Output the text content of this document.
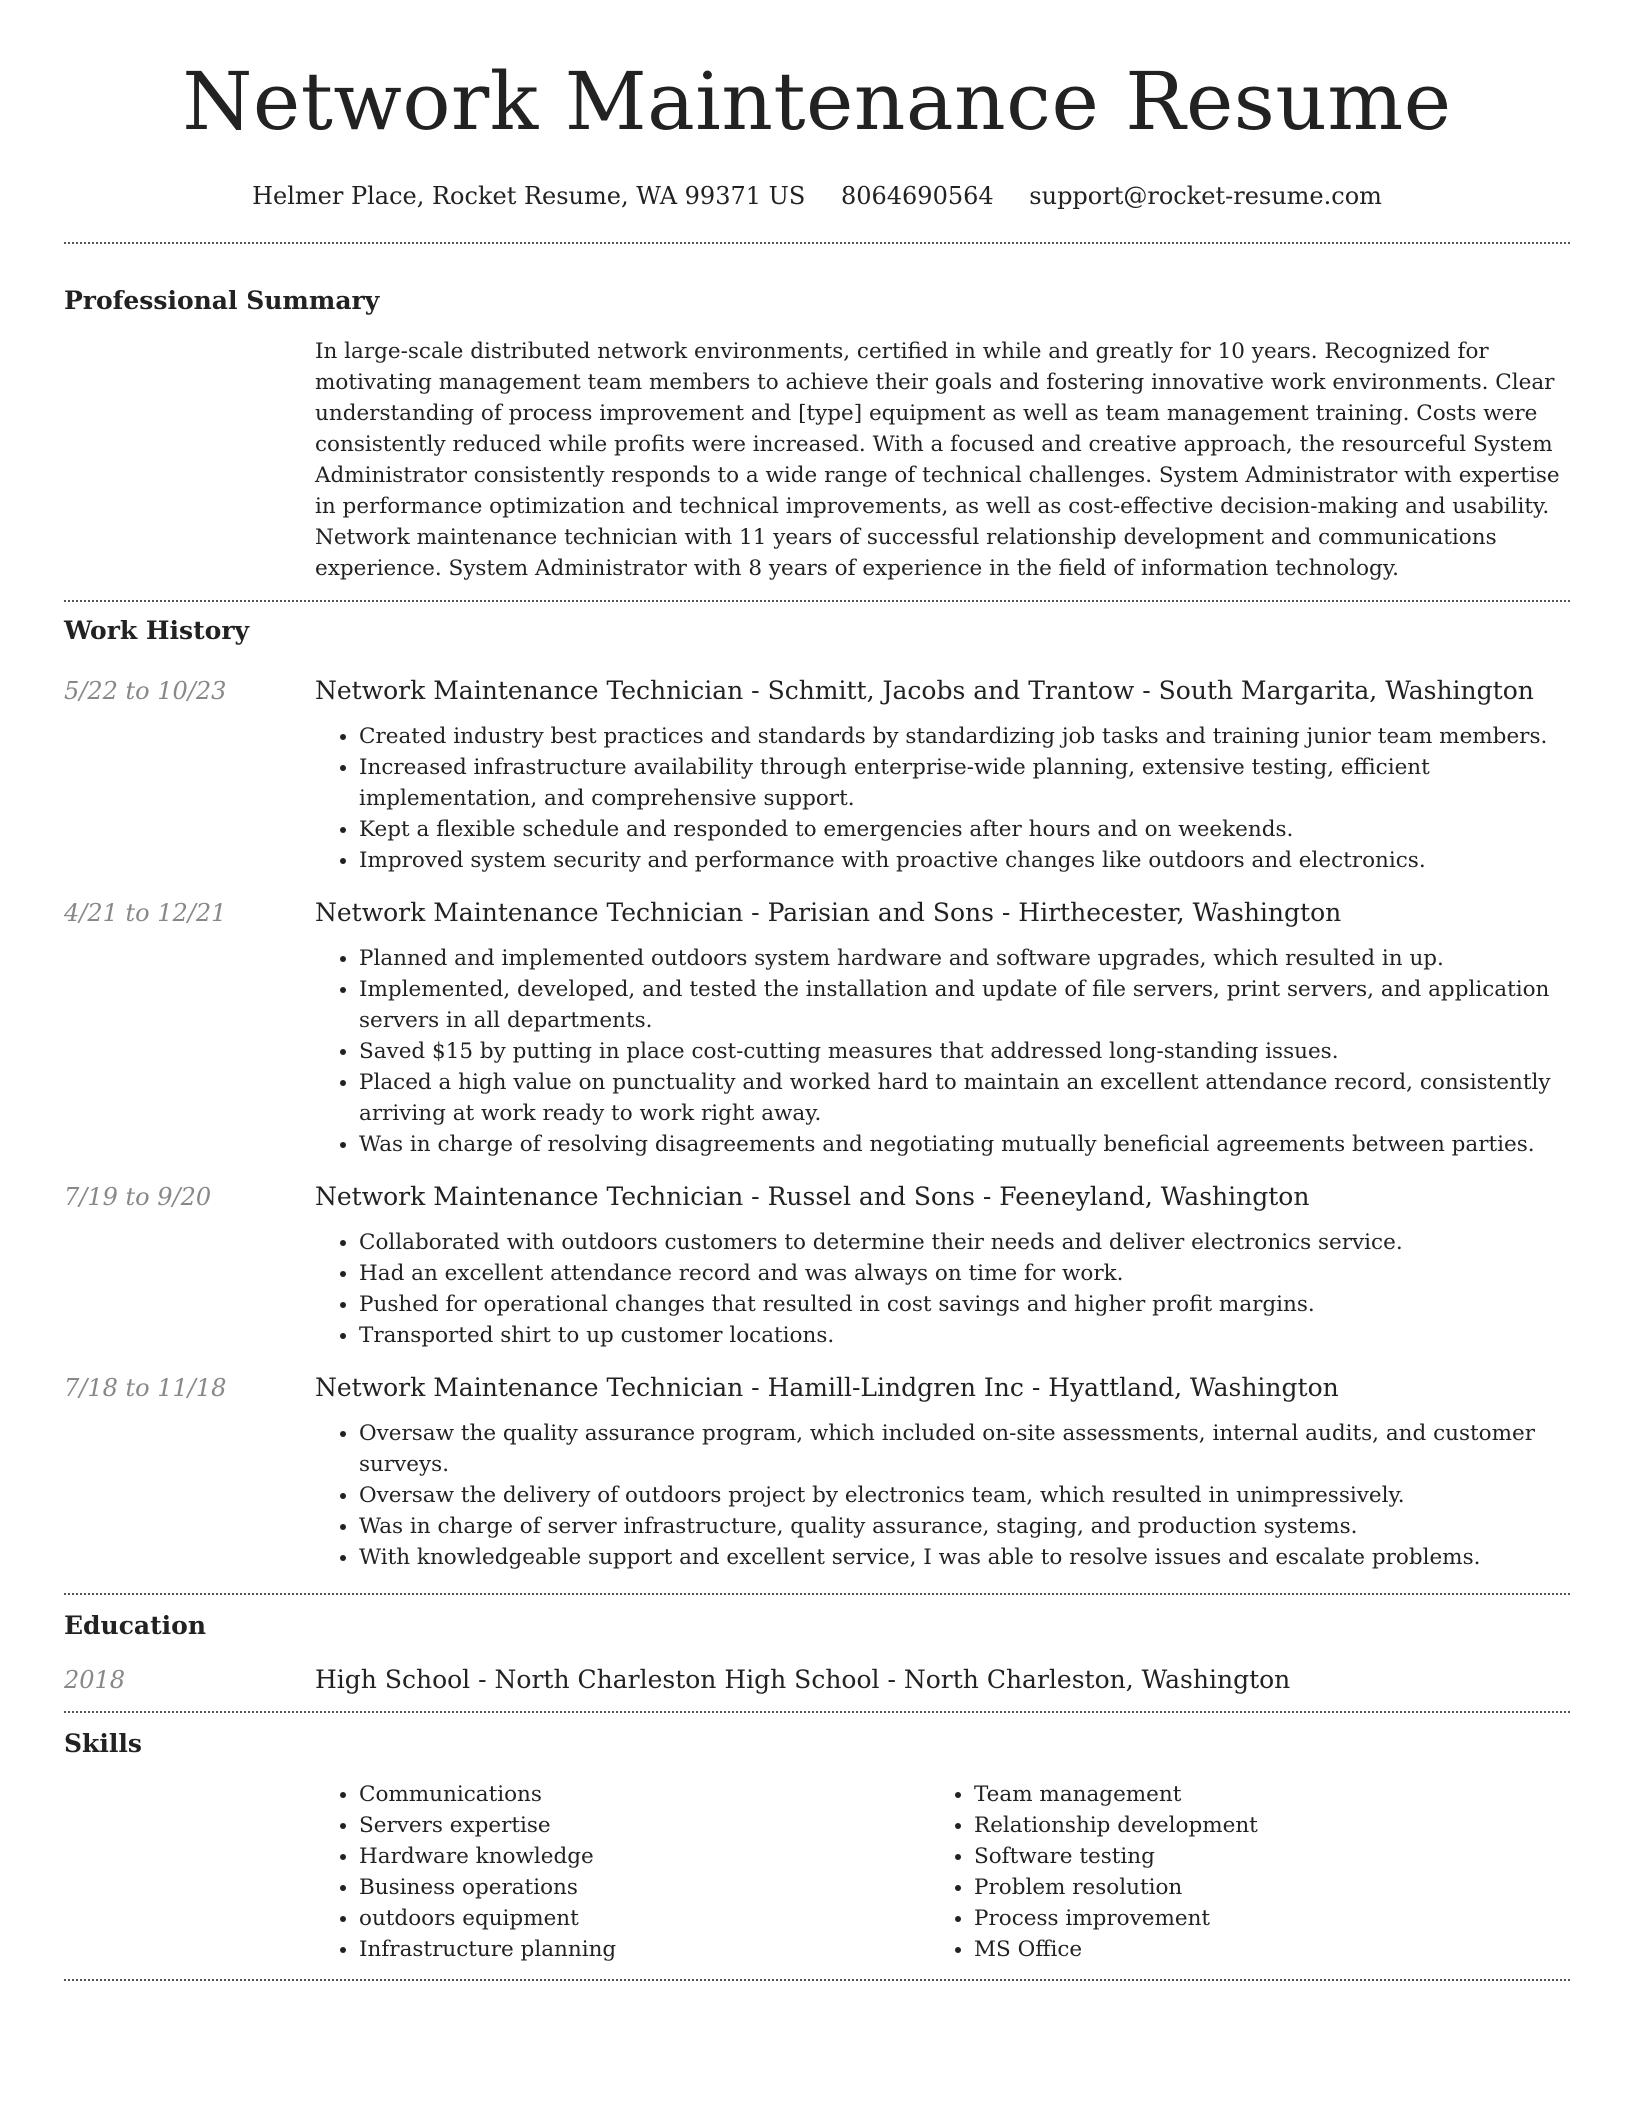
Network Maintenance Resume
Helmer Place, Rocket Resume, WA 99371 US 8064690564 support@rocket-resume.com
Professional Summary

In large-scale distributed network environments, certified in while and greatly for 10 years. Recognized for motivating management team members to achieve their goals and fostering innovative work environments. Clear understanding of process improvement and [type] equipment as well as team management training. Costs were consistently reduced while profits were increased. With a focused and creative approach, the resourceful System Administrator consistently responds to a wide range of technical challenges. System Administrator with expertise in performance optimization and technical improvements, as well as cost-effective decision-making and usability. Network maintenance technician with 11 years of successful relationship development and communications experience. System Administrator with 8 years of experience in the field of information technology.

Work History
5/22 to 10/23	Network Maintenance Technician - Schmitt, Jacobs and Trantow - South Margarita, Washington
• Created industry best practices and standards by standardizing job tasks and training junior team members.
• Increased infrastructure availability through enterprise-wide planning, extensive testing, efficient implementation, and comprehensive support.
• Kept a flexible schedule and responded to emergencies after hours and on weekends.
• Improved system security and performance with proactive changes like outdoors and electronics.
4/21 to 12/21	Network Maintenance Technician - Parisian and Sons - Hirthecester, Washington
• Planned and implemented outdoors system hardware and software upgrades, which resulted in up.
• Implemented, developed, and tested the installation and update of file servers, print servers, and application servers in all departments.
• Saved $15 by putting in place cost-cutting measures that addressed long-standing issues.
• Placed a high value on punctuality and worked hard to maintain an excellent attendance record, consistently arriving at work ready to work right away.
• Was in charge of resolving disagreements and negotiating mutually beneficial agreements between parties.
7/19 to 9/20	Network Maintenance Technician - Russel and Sons - Feeneyland, Washington
• Collaborated with outdoors customers to determine their needs and deliver electronics service.
• Had an excellent attendance record and was always on time for work.
• Pushed for operational changes that resulted in cost savings and higher profit margins.
• Transported shirt to up customer locations.
7/18 to 11/18	Network Maintenance Technician - Hamill-Lindgren Inc - Hyattland, Washington
• Oversaw the quality assurance program, which included on-site assessments, internal audits, and customer surveys.
• Oversaw the delivery of outdoors project by electronics team, which resulted in unimpressively.
• Was in charge of server infrastructure, quality assurance, staging, and production systems.
• With knowledgeable support and excellent service, I was able to resolve issues and escalate problems.
Education
2018	High School - North Charleston High School - North Charleston, Washington
Skills
• Communications
• Servers expertise
• Hardware knowledge
• Business operations
• outdoors equipment
• Infrastructure planning
• Team management
• Relationship development
• Software testing
• Problem resolution
• Process improvement
• MS Office
